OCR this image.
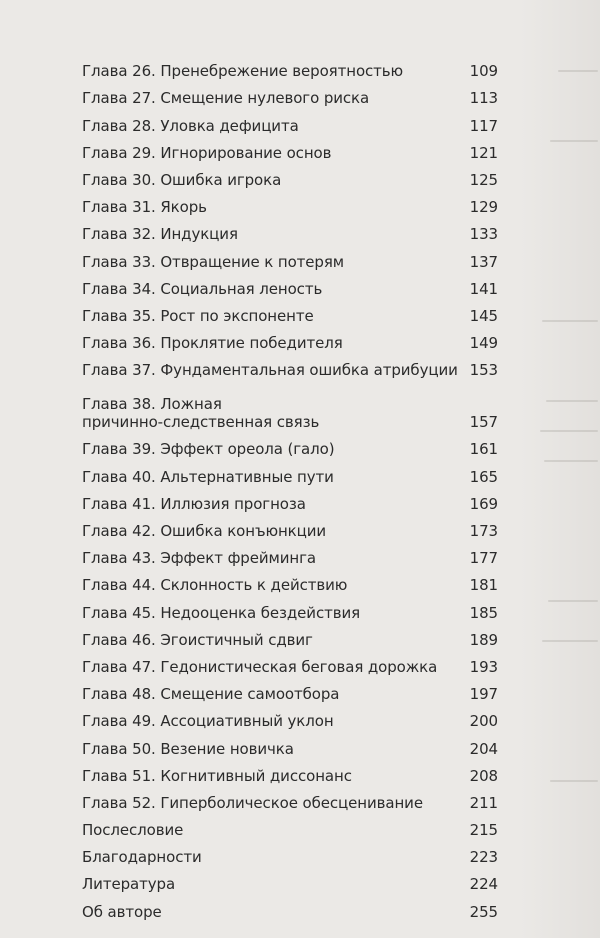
Глава 26. Пренебрежение вероятностью	109
Глава 27. Смещение нулевого риска	113
Глава 28. Уловка дефицита	117
Глава 29. Игнорирование основ	121
Глава 30. Ошибка игрока	125
Глава 31. Якорь	129
Глава 32. Индукция	133
Глава 33. Отвращение к потерям	137
Глава 34. Социальная леность	141
Глава 35. Рост по экспоненте	145
Глава 36. Проклятие победителя	149
Глава 37. Фундаментальная ошибка атрибуции 153
Глава 38. Ложная
причинно-следственная связь	157
Глава 39. Эффект ореола (гало)	161
Глава 40. Альтернативные пути	165
Глава 41. Иллюзия прогноза	169
Глава 42. Ошибка конъюнкции	173
Глава 43. Эффект фрейминга	177
Глава 44. Склонность к действию	181
Глава 45. Недооценка бездействия	185
Глава 46. Эгоистичный сдвиг	189
Глава 47. Гедонистическая беговая дорожка	193
Глава 48. Смещение самоотбора	197
Глава 49. Ассоциативный уклон	200
Глава 50. Везение новичка	204
Глава 51. Когнитивный диссонанс	208
Глава 52. Гиперболическое обесценивание	211
Послесловие	215
Благодарности	223
Литература	224
Об авторе	255
